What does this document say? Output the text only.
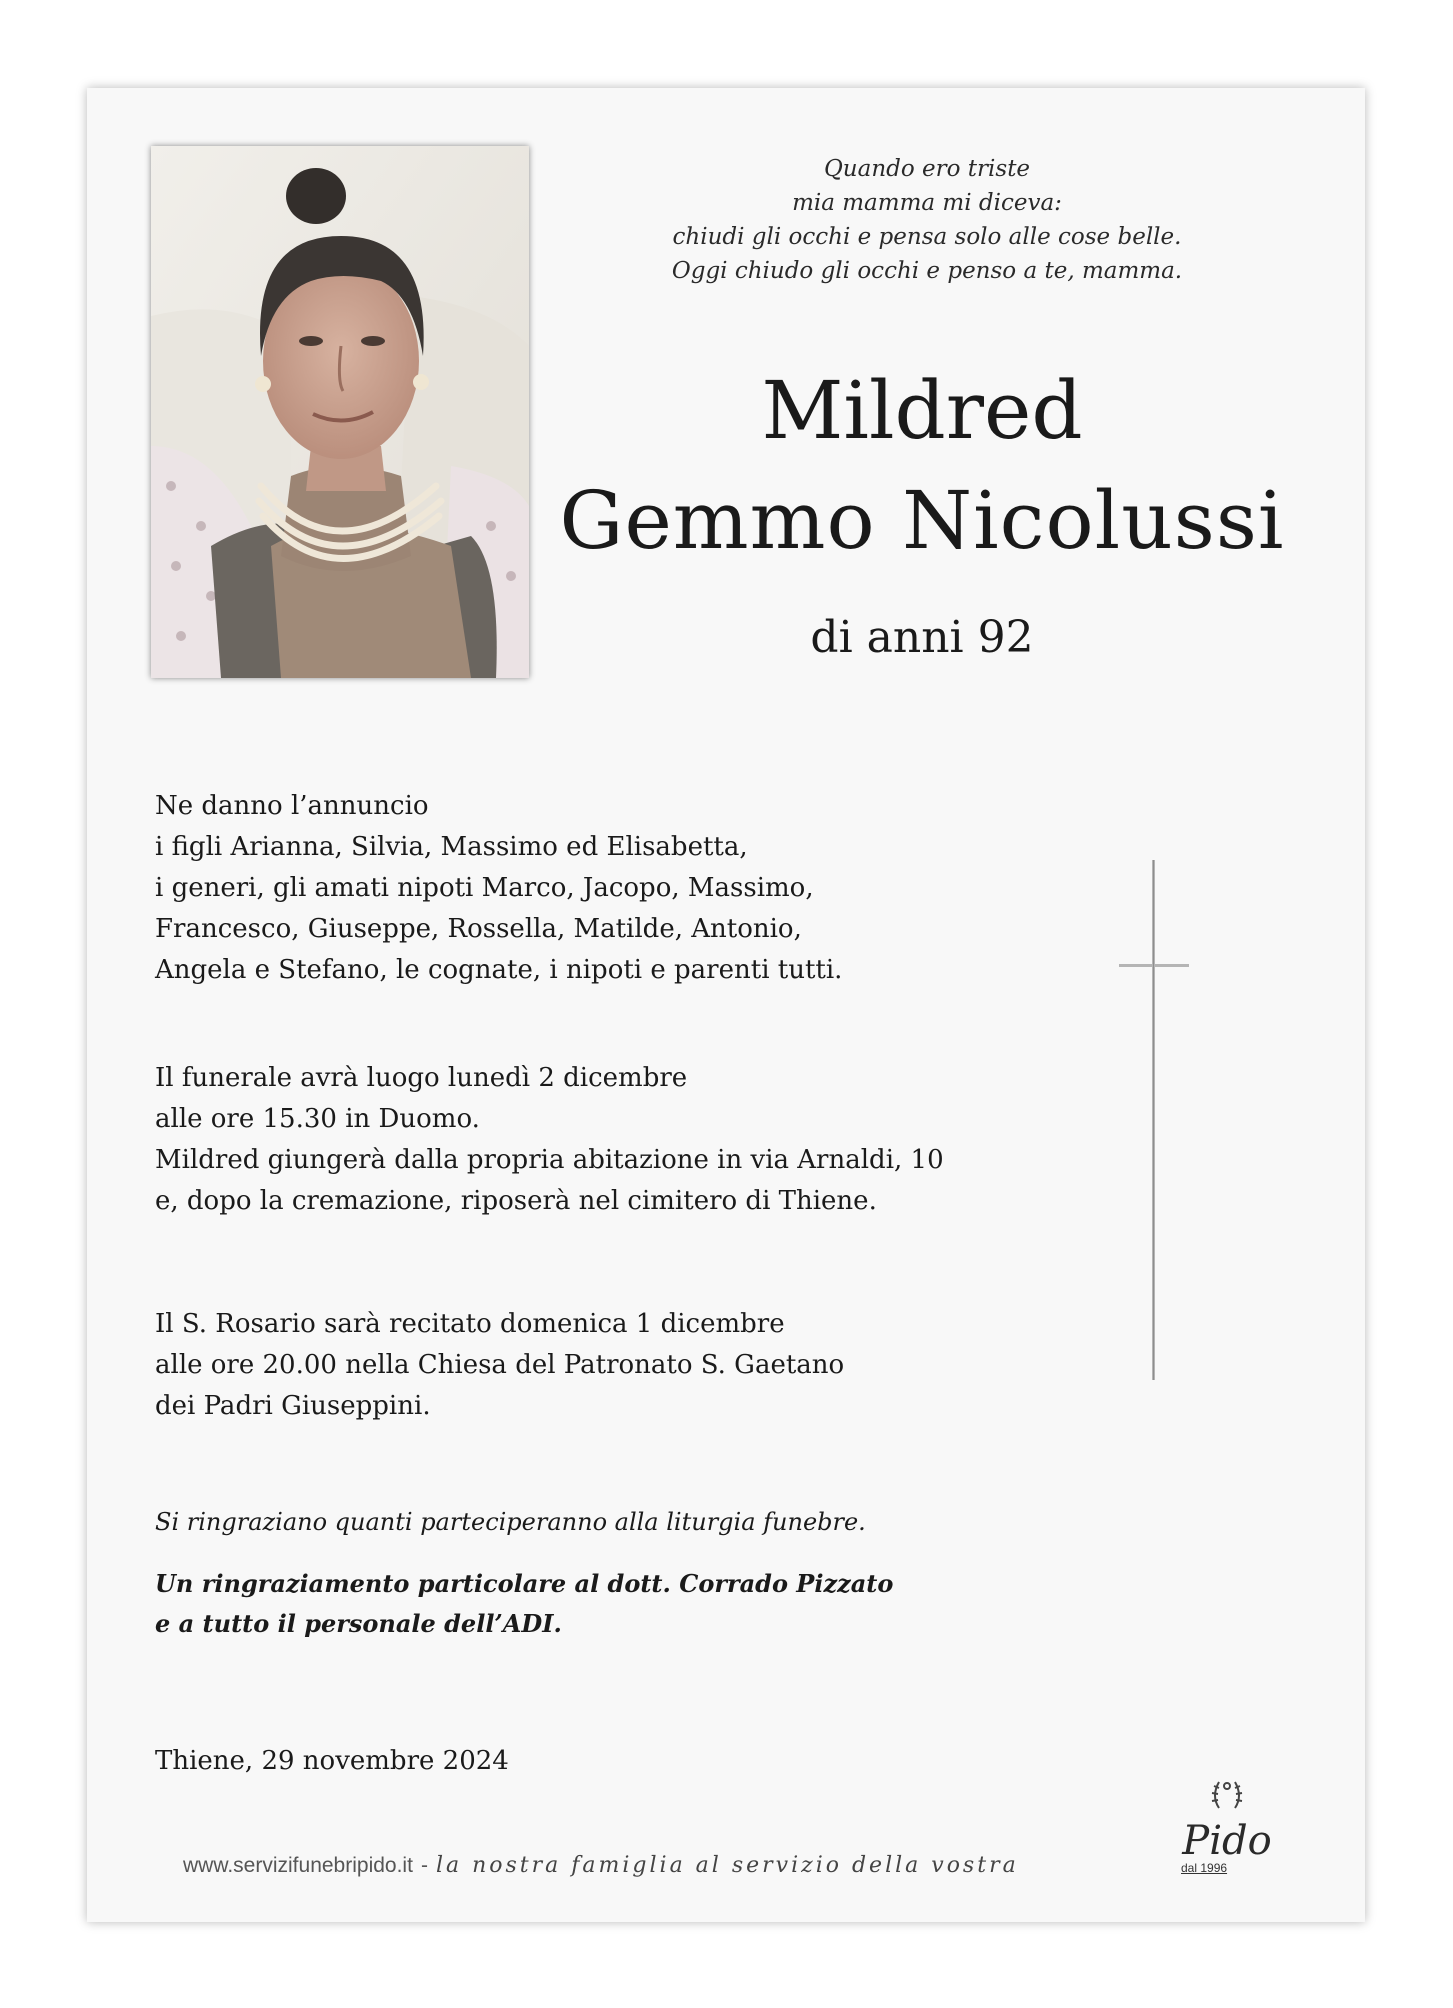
Quando ero triste
mia mamma mi diceva:
chiudi gli occhi e pensa solo alle cose belle.
Oggi chiudo gli occhi e penso a te, mamma.
Mildred
Gemmo Nicolussi
di anni 92
Ne danno l’annuncio
i figli Arianna, Silvia, Massimo ed Elisabetta,
i generi, gli amati nipoti Marco, Jacopo, Massimo,
Francesco, Giuseppe, Rossella, Matilde, Antonio,
Angela e Stefano, le cognate, i nipoti e parenti tutti.
Il funerale avrà luogo lunedì 2 dicembre
alle ore 15.30 in Duomo.
Mildred giungerà dalla propria abitazione in via Arnaldi, 10
e, dopo la cremazione, riposerà nel cimitero di Thiene.
Il S. Rosario sarà recitato domenica 1 dicembre
alle ore 20.00 nella Chiesa del Patronato S. Gaetano
dei Padri Giuseppini.
Si ringraziano quanti parteciperanno alla liturgia funebre.
Un ringraziamento particolare al dott. Corrado Pizzato
e a tutto il personale dell’ADI.
Thiene, 29 novembre 2024
www.servizifunebripido.it - la nostra famiglia al servizio della vostra
Pido
dal 1996
